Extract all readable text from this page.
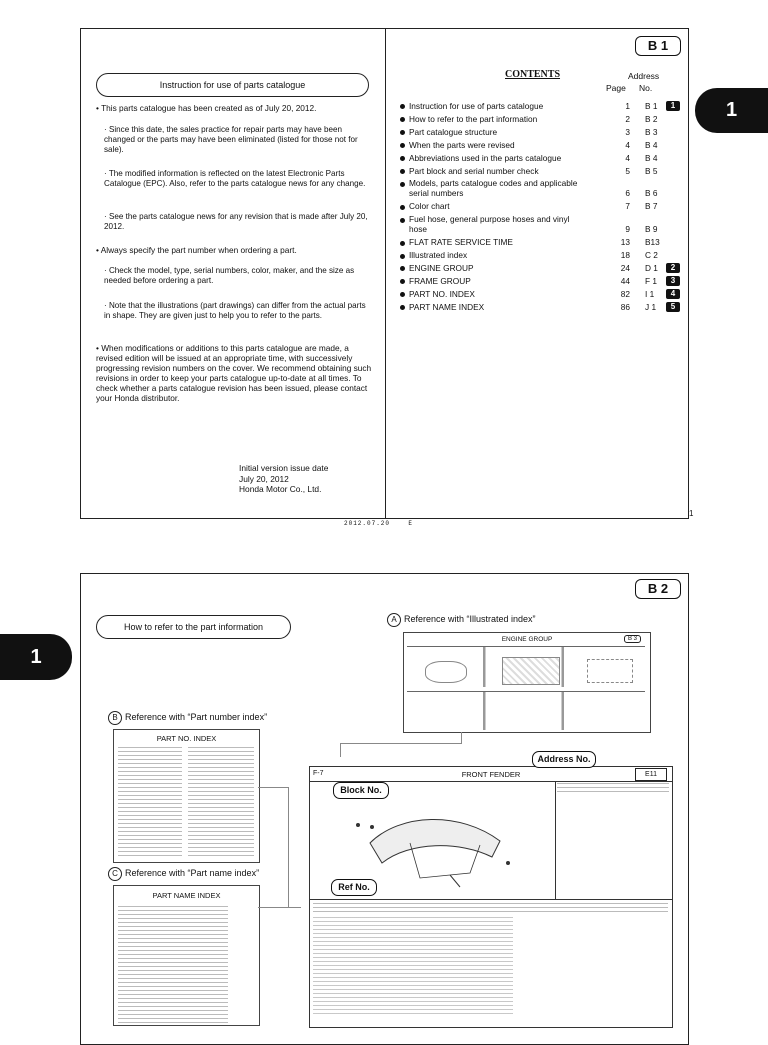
B 1
Instruction for use of parts catalogue
• This parts catalogue has been created as of July 20, 2012.
· Since this date, the sales practice for repair parts may have been changed or the parts may have been eliminated (listed for those not for sale).
· The modified information is reflected on the latest Electronic Parts Catalogue (EPC). Also, refer to the parts catalogue news for any change.
· See the parts catalogue news for any revision that is made after July 20, 2012.
• Always specify the part number when ordering a part.
· Check the model, type, serial numbers, color, maker, and the size as needed before ordering a part.
· Note that the illustrations (part drawings) can differ from the actual parts in shape. They are given just to help you to refer to the parts.
• When modifications or additions to this parts catalogue are made, a revised edition will be issued at an appropriate time, with successively progressing revision numbers on the cover. We recommend obtaining such revisions in order to keep your parts catalogue up-to-date at all times. To check whether a parts catalogue revision has been issued, please contact your Honda distributor.
Initial version issue date
July 20, 2012
Honda Motor Co., Ltd.
CONTENTS	Address
Page No.
Instruction for use of parts catalogue	1 B 1	1
How to refer to the part information	2 B 2
Part catalogue structure	3 B 3
When the parts were revised	4 B 4
Abbreviations used in the parts catalogue	4 B 4
Part block and serial number check	5 B 5
Models, parts catalogue codes and applicable
serial numbers	6 B 6
Color chart	7 B 7
Fuel hose, general purpose hoses and vinyl
hose	9 B 9
FLAT RATE SERVICE TIME	13 B13
Illustrated index	18 C 2
ENGINE GROUP	24 D 1	2
FRAME GROUP	44 F 1	3
PART NO. INDEX	82 I 1	4
PART NAME INDEX	86 J 1	5
1
1
2012.07.20    E
B 2
1
How to refer to the part information
A Reference with “Illustrated index”
ENGINE GROUP	B 3
B Reference with “Part number index”
PART NO. INDEX
C Reference with “Part name index”
PART NAME INDEX
F-7	FRONT FENDER	E11
Address No.
Block No.
Ref No.
